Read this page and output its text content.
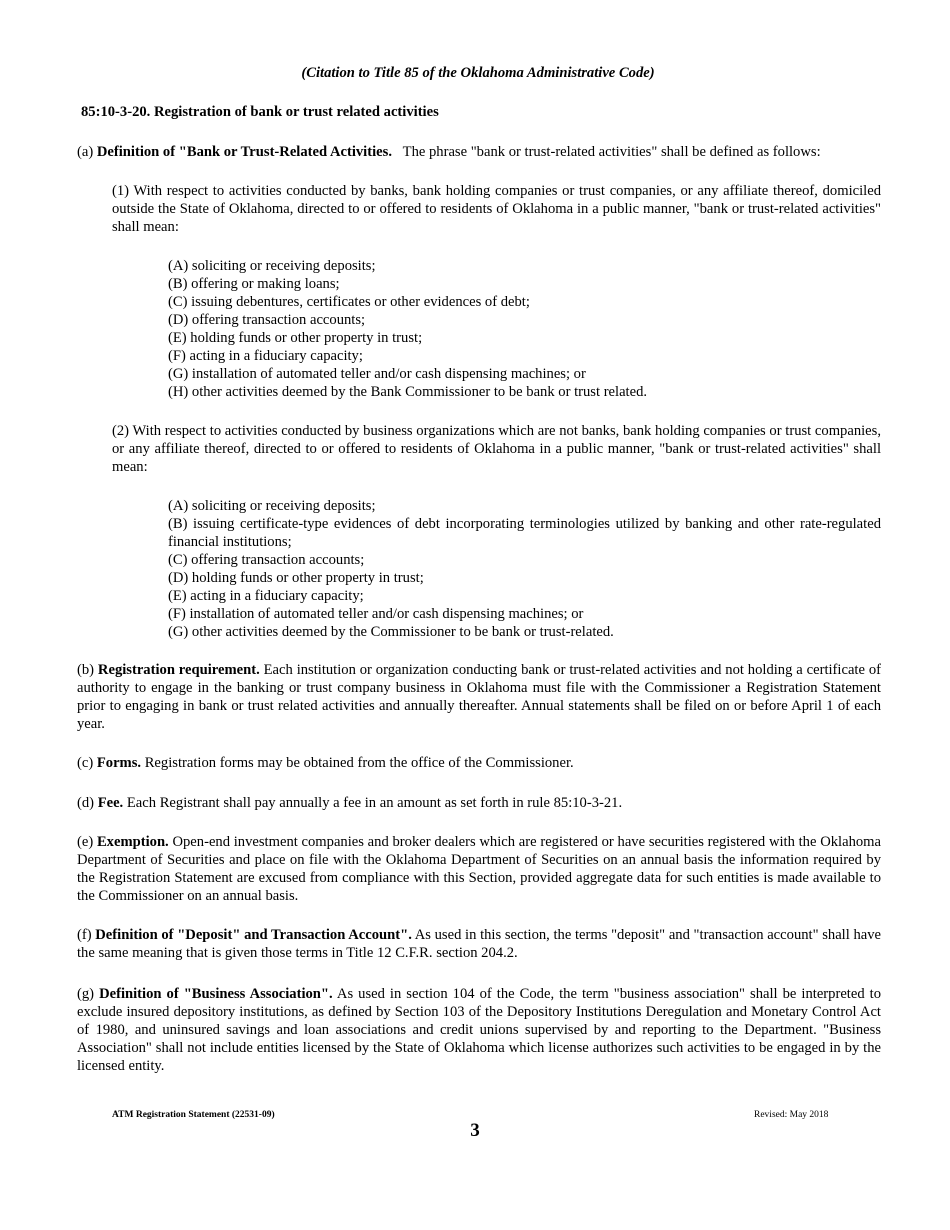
(Citation to Title 85 of the Oklahoma Administrative Code)
85:10-3-20. Registration of bank or trust related activities
(a) Definition of "Bank or Trust-Related Activities. The phrase "bank or trust-related activities" shall be defined as follows:
(1) With respect to activities conducted by banks, bank holding companies or trust companies, or any affiliate thereof, domiciled outside the State of Oklahoma, directed to or offered to residents of Oklahoma in a public manner, "bank or trust-related activities" shall mean:
(A) soliciting or receiving deposits;
(B) offering or making loans;
(C) issuing debentures, certificates or other evidences of debt;
(D) offering transaction accounts;
(E) holding funds or other property in trust;
(F) acting in a fiduciary capacity;
(G) installation of automated teller and/or cash dispensing machines; or
(H) other activities deemed by the Bank Commissioner to be bank or trust related.
(2) With respect to activities conducted by business organizations which are not banks, bank holding companies or trust companies, or any affiliate thereof, directed to or offered to residents of Oklahoma in a public manner, "bank or trust-related activities" shall mean:
(A) soliciting or receiving deposits;
(B) issuing certificate-type evidences of debt incorporating terminologies utilized by banking and other rate-regulated financial institutions;
(C) offering transaction accounts;
(D) holding funds or other property in trust;
(E) acting in a fiduciary capacity;
(F) installation of automated teller and/or cash dispensing machines; or
(G) other activities deemed by the Commissioner to be bank or trust-related.
(b) Registration requirement. Each institution or organization conducting bank or trust-related activities and not holding a certificate of authority to engage in the banking or trust company business in Oklahoma must file with the Commissioner a Registration Statement prior to engaging in bank or trust related activities and annually thereafter. Annual statements shall be filed on or before April 1 of each year.
(c) Forms. Registration forms may be obtained from the office of the Commissioner.
(d) Fee. Each Registrant shall pay annually a fee in an amount as set forth in rule 85:10-3-21.
(e) Exemption. Open-end investment companies and broker dealers which are registered or have securities registered with the Oklahoma Department of Securities and place on file with the Oklahoma Department of Securities on an annual basis the information required by the Registration Statement are excused from compliance with this Section, provided aggregate data for such entities is made available to the Commissioner on an annual basis.
(f) Definition of "Deposit" and Transaction Account". As used in this section, the terms "deposit" and "transaction account" shall have the same meaning that is given those terms in Title 12 C.F.R. section 204.2.
(g) Definition of "Business Association". As used in section 104 of the Code, the term "business association" shall be interpreted to exclude insured depository institutions, as defined by Section 103 of the Depository Institutions Deregulation and Monetary Control Act of 1980, and uninsured savings and loan associations and credit unions supervised by and reporting to the Department. "Business Association" shall not include entities licensed by the State of Oklahoma which license authorizes such activities to be engaged in by the licensed entity.
ATM Registration Statement (22531-09)	Revised: May 2018
3
